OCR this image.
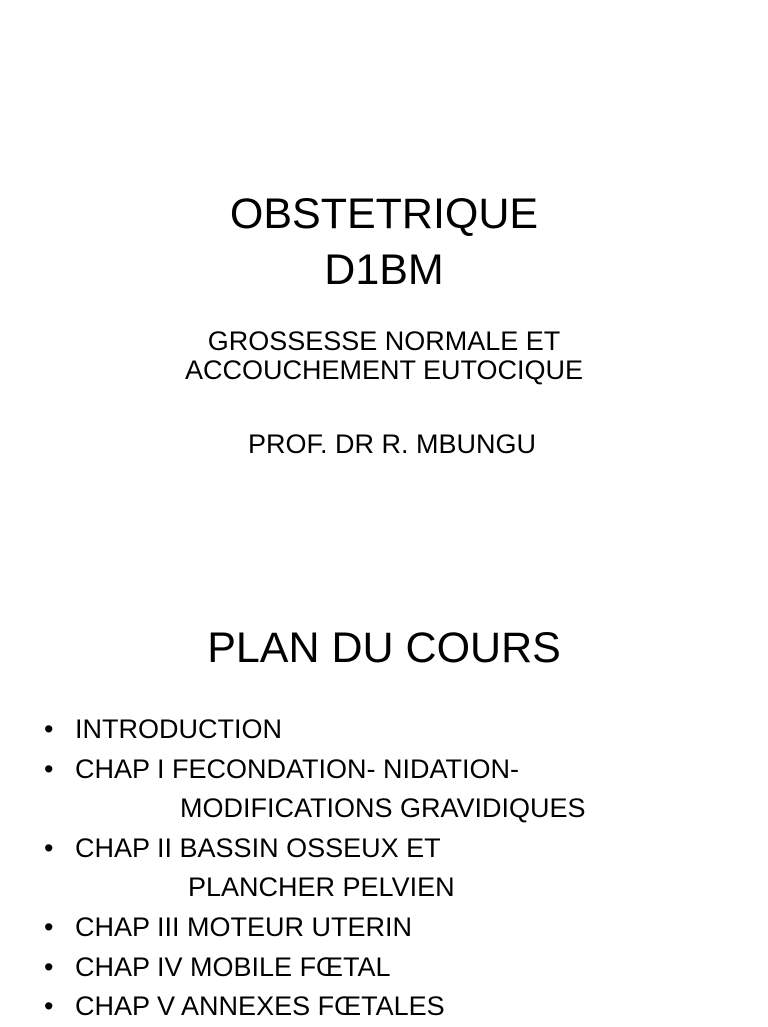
OBSTETRIQUE
D1BM
GROSSESSE NORMALE ET
ACCOUCHEMENT EUTOCIQUE
PROF. DR R. MBUNGU
PLAN DU COURS
• INTRODUCTION
• CHAP I FECONDATION- NIDATION-
MODIFICATIONS GRAVIDIQUES
• CHAP II BASSIN OSSEUX ET
PLANCHER PELVIEN
• CHAP III MOTEUR UTERIN
• CHAP IV MOBILE FŒTAL
• CHAP V ANNEXES FŒTALES
